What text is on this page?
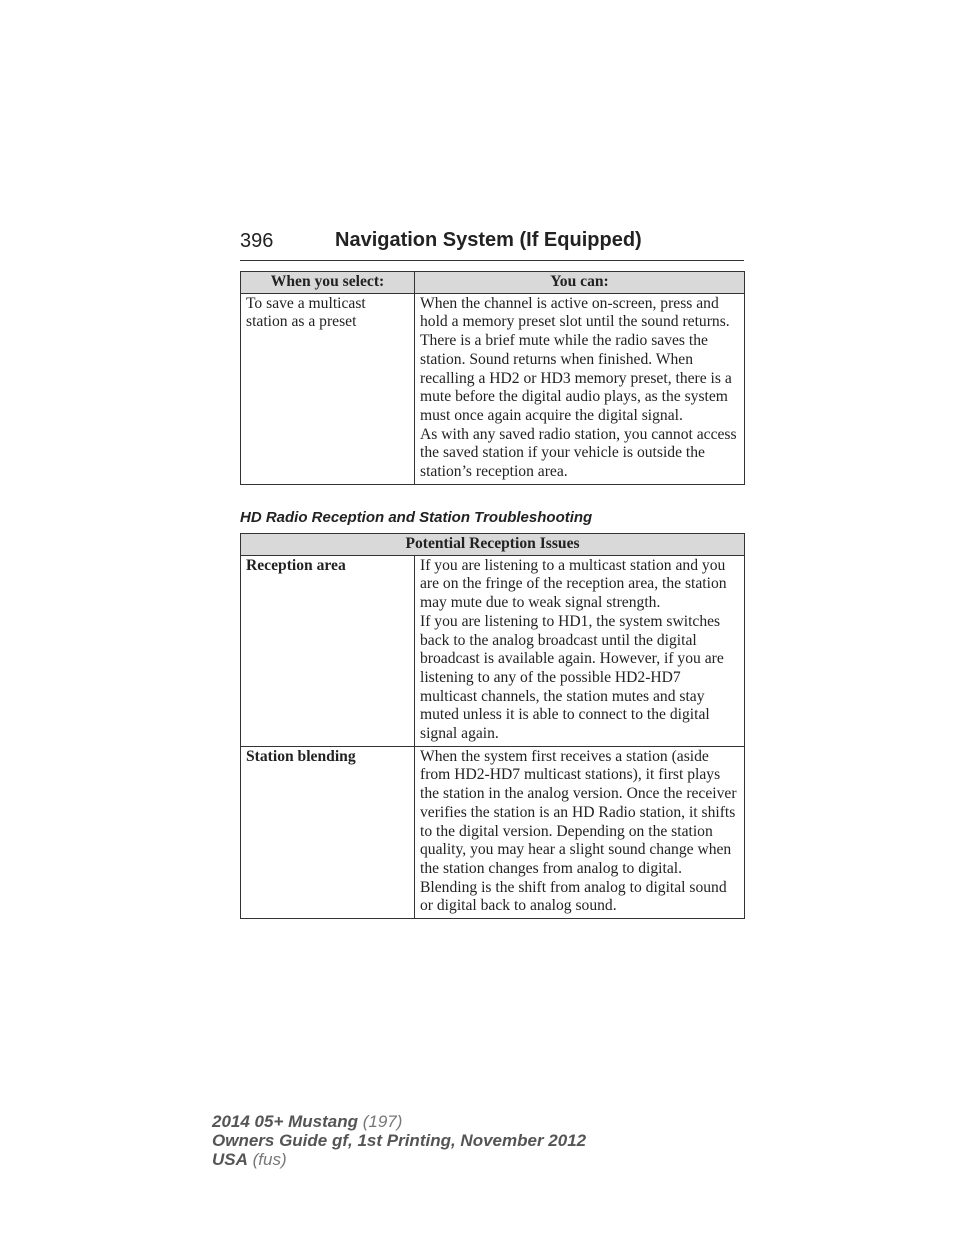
396	Navigation System (If Equipped)
When you select:	You can:
To save a multicast station as a preset	When the channel is active on-screen, press and hold a memory preset slot until the sound returns. There is a brief mute while the radio saves the station. Sound returns when finished. When recalling a HD2 or HD3 memory preset, there is a mute before the digital audio plays, as the system must once again acquire the digital signal.
As with any saved radio station, you cannot access the saved station if your vehicle is outside the station’s reception area.
HD Radio Reception and Station Troubleshooting
Potential Reception Issues	
Reception area	If you are listening to a multicast station and you are on the fringe of the reception area, the station may mute due to weak signal strength.
If you are listening to HD1, the system switches back to the analog broadcast until the digital broadcast is available again. However, if you are listening to any of the possible HD2-HD7 multicast channels, the station mutes and stay muted unless it is able to connect to the digital signal again.

Station blending	When the system first receives a station (aside from HD2-HD7 multicast stations), it first plays the station in the analog version. Once the receiver verifies the station is an HD Radio station, it shifts to the digital version. Depending on the station quality, you may hear a slight sound change when the station changes from analog to digital. Blending is the shift from analog to digital sound or digital back to analog sound.
2014 05+ Mustang (197)
Owners Guide gf, 1st Printing, November 2012
USA (fus)
